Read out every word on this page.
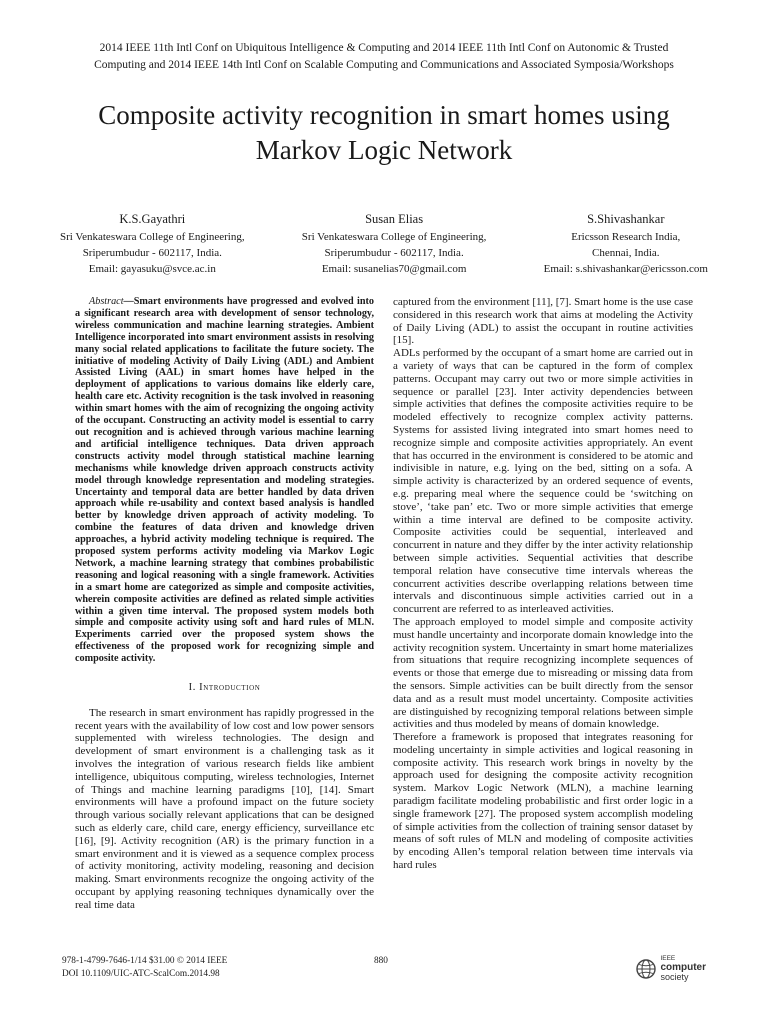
2014 IEEE 11th Intl Conf on Ubiquitous Intelligence & Computing and 2014 IEEE 11th Intl Conf on Autonomic & Trusted
Computing and 2014 IEEE 14th Intl Conf on Scalable Computing and Communications and Associated Symposia/Workshops
Composite activity recognition in smart homes using
Markov Logic Network
K.S.Gayathri
Sri Venkateswara College of Engineering,
Sriperumbudur - 602117, India.
Email: gayasuku@svce.ac.in
Susan Elias
Sri Venkateswara College of Engineering,
Sriperumbudur - 602117, India.
Email: susanelias70@gmail.com
S.Shivashankar
Ericsson Research India,
Chennai, India.
Email: s.shivashankar@ericsson.com

Abstract—Smart environments have progressed and evolved into a significant research area with development of sensor technology, wireless communication and machine learning strategies. Ambient Intelligence incorporated into smart environment assists in resolving many social related applications to facilitate the future society. The initiative of modeling Activity of Daily Living (ADL) and Ambient Assisted Living (AAL) in smart homes have helped in the deployment of applications to various domains like elderly care, health care etc. Activity recognition is the task involved in reasoning within smart homes with the aim of recognizing the ongoing activity of the occupant. Constructing an activity model is essential to carry out recognition and is achieved through various machine learning and artificial intelligence techniques. Data driven approach constructs activity model through statistical machine learning mechanisms while knowledge driven approach constructs activity model through knowledge representation and modeling strategies. Uncertainty and temporal data are better handled by data driven approach while re-usability and context based analysis is handled better by knowledge driven approach of activity modeling. To combine the features of data driven and knowledge driven approaches, a hybrid activity modeling technique is required. The proposed system performs activity modeling via Markov Logic Network, a machine learning strategy that combines probabilistic reasoning and logical reasoning with a single framework. Activities in a smart home are categorized as simple and composite activities, wherein composite activities are defined as related simple activities within a given time interval. The proposed system models both simple and composite activity using soft and hard rules of MLN. Experiments carried over the proposed system shows the effectiveness of the proposed work for recognizing simple and composite activity.

I. Introduction

The research in smart environment has rapidly progressed in the recent years with the availability of low cost and low power sensors supplemented with wireless technologies. The design and development of smart environment is a challenging task as it involves the integration of various research fields like ambient intelligence, ubiquitous computing, wireless technologies, Internet of Things and machine learning paradigms [10], [14]. Smart environments will have a profound impact on the future society through various socially relevant applications that can be designed such as elderly care, child care, energy efficiency, surveillance etc [16], [9]. Activity recognition (AR) is the primary function in a smart environment and it is viewed as a sequence complex process of activity monitoring, activity modeling, reasoning and decision making. Smart environments recognize the ongoing activity of the occupant by applying reasoning techniques dynamically over the real time data

captured from the environment [11], [7]. Smart home is the use case considered in this research work that aims at modeling the Activity of Daily Living (ADL) to assist the occupant in routine activities [15].

ADLs performed by the occupant of a smart home are carried out in a variety of ways that can be captured in the form of complex patterns. Occupant may carry out two or more simple activities in sequence or parallel [23]. Inter activity dependencies between simple activities that defines the composite activities require to be modeled effectively to recognize complex activity patterns. Systems for assisted living integrated into smart homes need to recognize simple and composite activities appropriately. An event that has occurred in the environment is considered to be atomic and indivisible in nature, e.g. lying on the bed, sitting on a sofa. A simple activity is characterized by an ordered sequence of events, e.g. preparing meal where the sequence could be ‘switching on stove’, ‘take pan’ etc. Two or more simple activities that emerge within a time interval are defined to be composite activity. Composite activities could be sequential, interleaved and concurrent in nature and they differ by the inter activity relationship between simple activities. Sequential activities that describe temporal relation have consecutive time intervals whereas the concurrent activities describe overlapping relations between time intervals and discontinuous simple activities carried out in a concurrent are referred to as interleaved activities.

The approach employed to model simple and composite activity must handle uncertainty and incorporate domain knowledge into the activity recognition system. Uncertainty in smart home materializes from situations that require recognizing incomplete sequences of events or those that emerge due to misreading or missing data from the sensors. Simple activities can be built directly from the sensor data and as a result must model uncertainty. Composite activities are distinguished by recognizing temporal relations between simple activities and thus modeled by means of domain knowledge.

Therefore a framework is proposed that integrates reasoning for modeling uncertainty in simple activities and logical reasoning in composite activity. This research work brings in novelty by the approach used for designing the composite activity recognition system. Markov Logic Network (MLN), a machine learning paradigm facilitate modeling probabilistic and first order logic in a single framework [27]. The proposed system accomplish modeling of simple activities from the collection of training sensor dataset by means of soft rules of MLN and modeling of composite activities by encoding Allen’s temporal relation between time intervals via hard rules

978-1-4799-7646-1/14 $31.00 © 2014 IEEE
DOI 10.1109/UIC-ATC-ScalCom.2014.98
880	IEEE
computer
society
